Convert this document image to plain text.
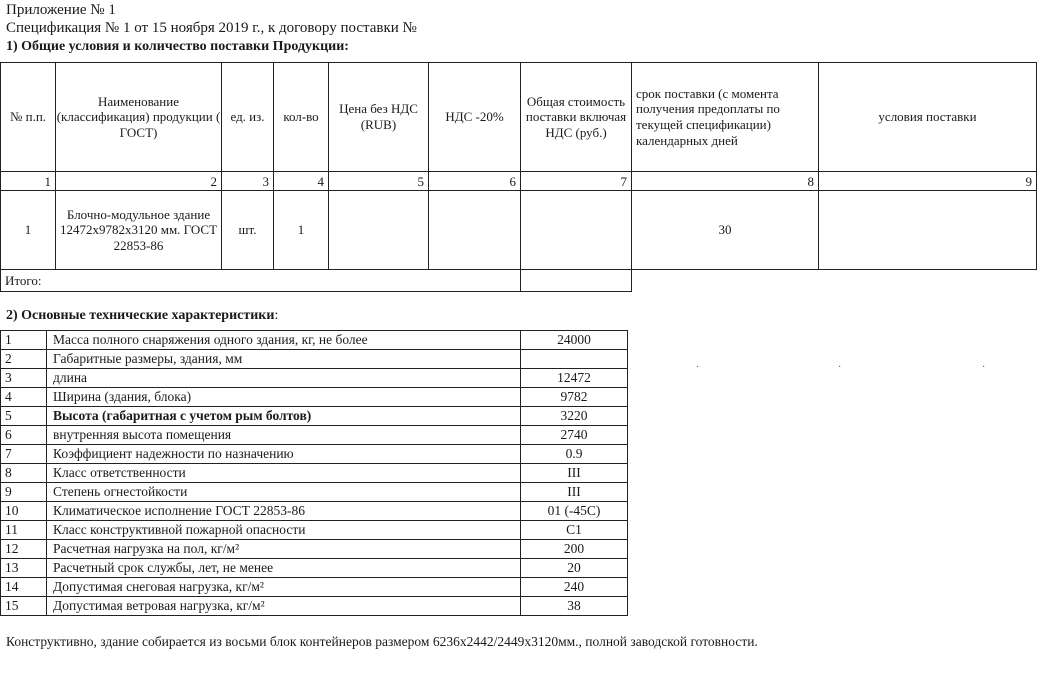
Приложение № 1
Спецификация № 1 от 15 ноября 2019 г., к договору поставки №
1) Общие условия и количество поставки Продукции:
№ п.п.	Наименование (классификация) продукции ( ГОСТ)	ед. из.	кол-во	Цена без НДС (RUB)	НДС -20%	Общая стоимость поставки включая НДС (руб.)	срок поставки (с момента получения предоплаты по текущей спецификации) календарных дней	условия поставки
1	2	3	4	5	6	7	8	9
1	Блочно-модульное здание 12472х9782х3120 мм. ГОСТ 22853-86	шт.	1				30	
Итого:								
2) Основные технические характеристики:
1	Масса полного снаряжения одного здания, кг, не более	24000
2	Габаритные размеры, здания, мм	
3	длина	12472
4	Ширина (здания, блока)	9782
5	Высота (габаритная с учетом рым болтов)	3220
6	внутренняя высота помещения	2740
7	Коэффициент надежности по назначению	0.9
8	Класс ответственности	III
9	Степень огнестойкости	III
10	Климатическое исполнение ГОСТ 22853-86	01 (-45С)
11	Класс конструктивной пожарной опасности	С1
12	Расчетная нагрузка на пол, кг/м²	200
13	Расчетный срок службы, лет, не менее	20
14	Допустимая снеговая нагрузка, кг/м²	240
15	Допустимая ветровая нагрузка, кг/м²	38
·	·	·
Конструктивно, здание собирается из восьми блок контейнеров размером 6236х2442/2449х3120мм., полной заводской готовности.
